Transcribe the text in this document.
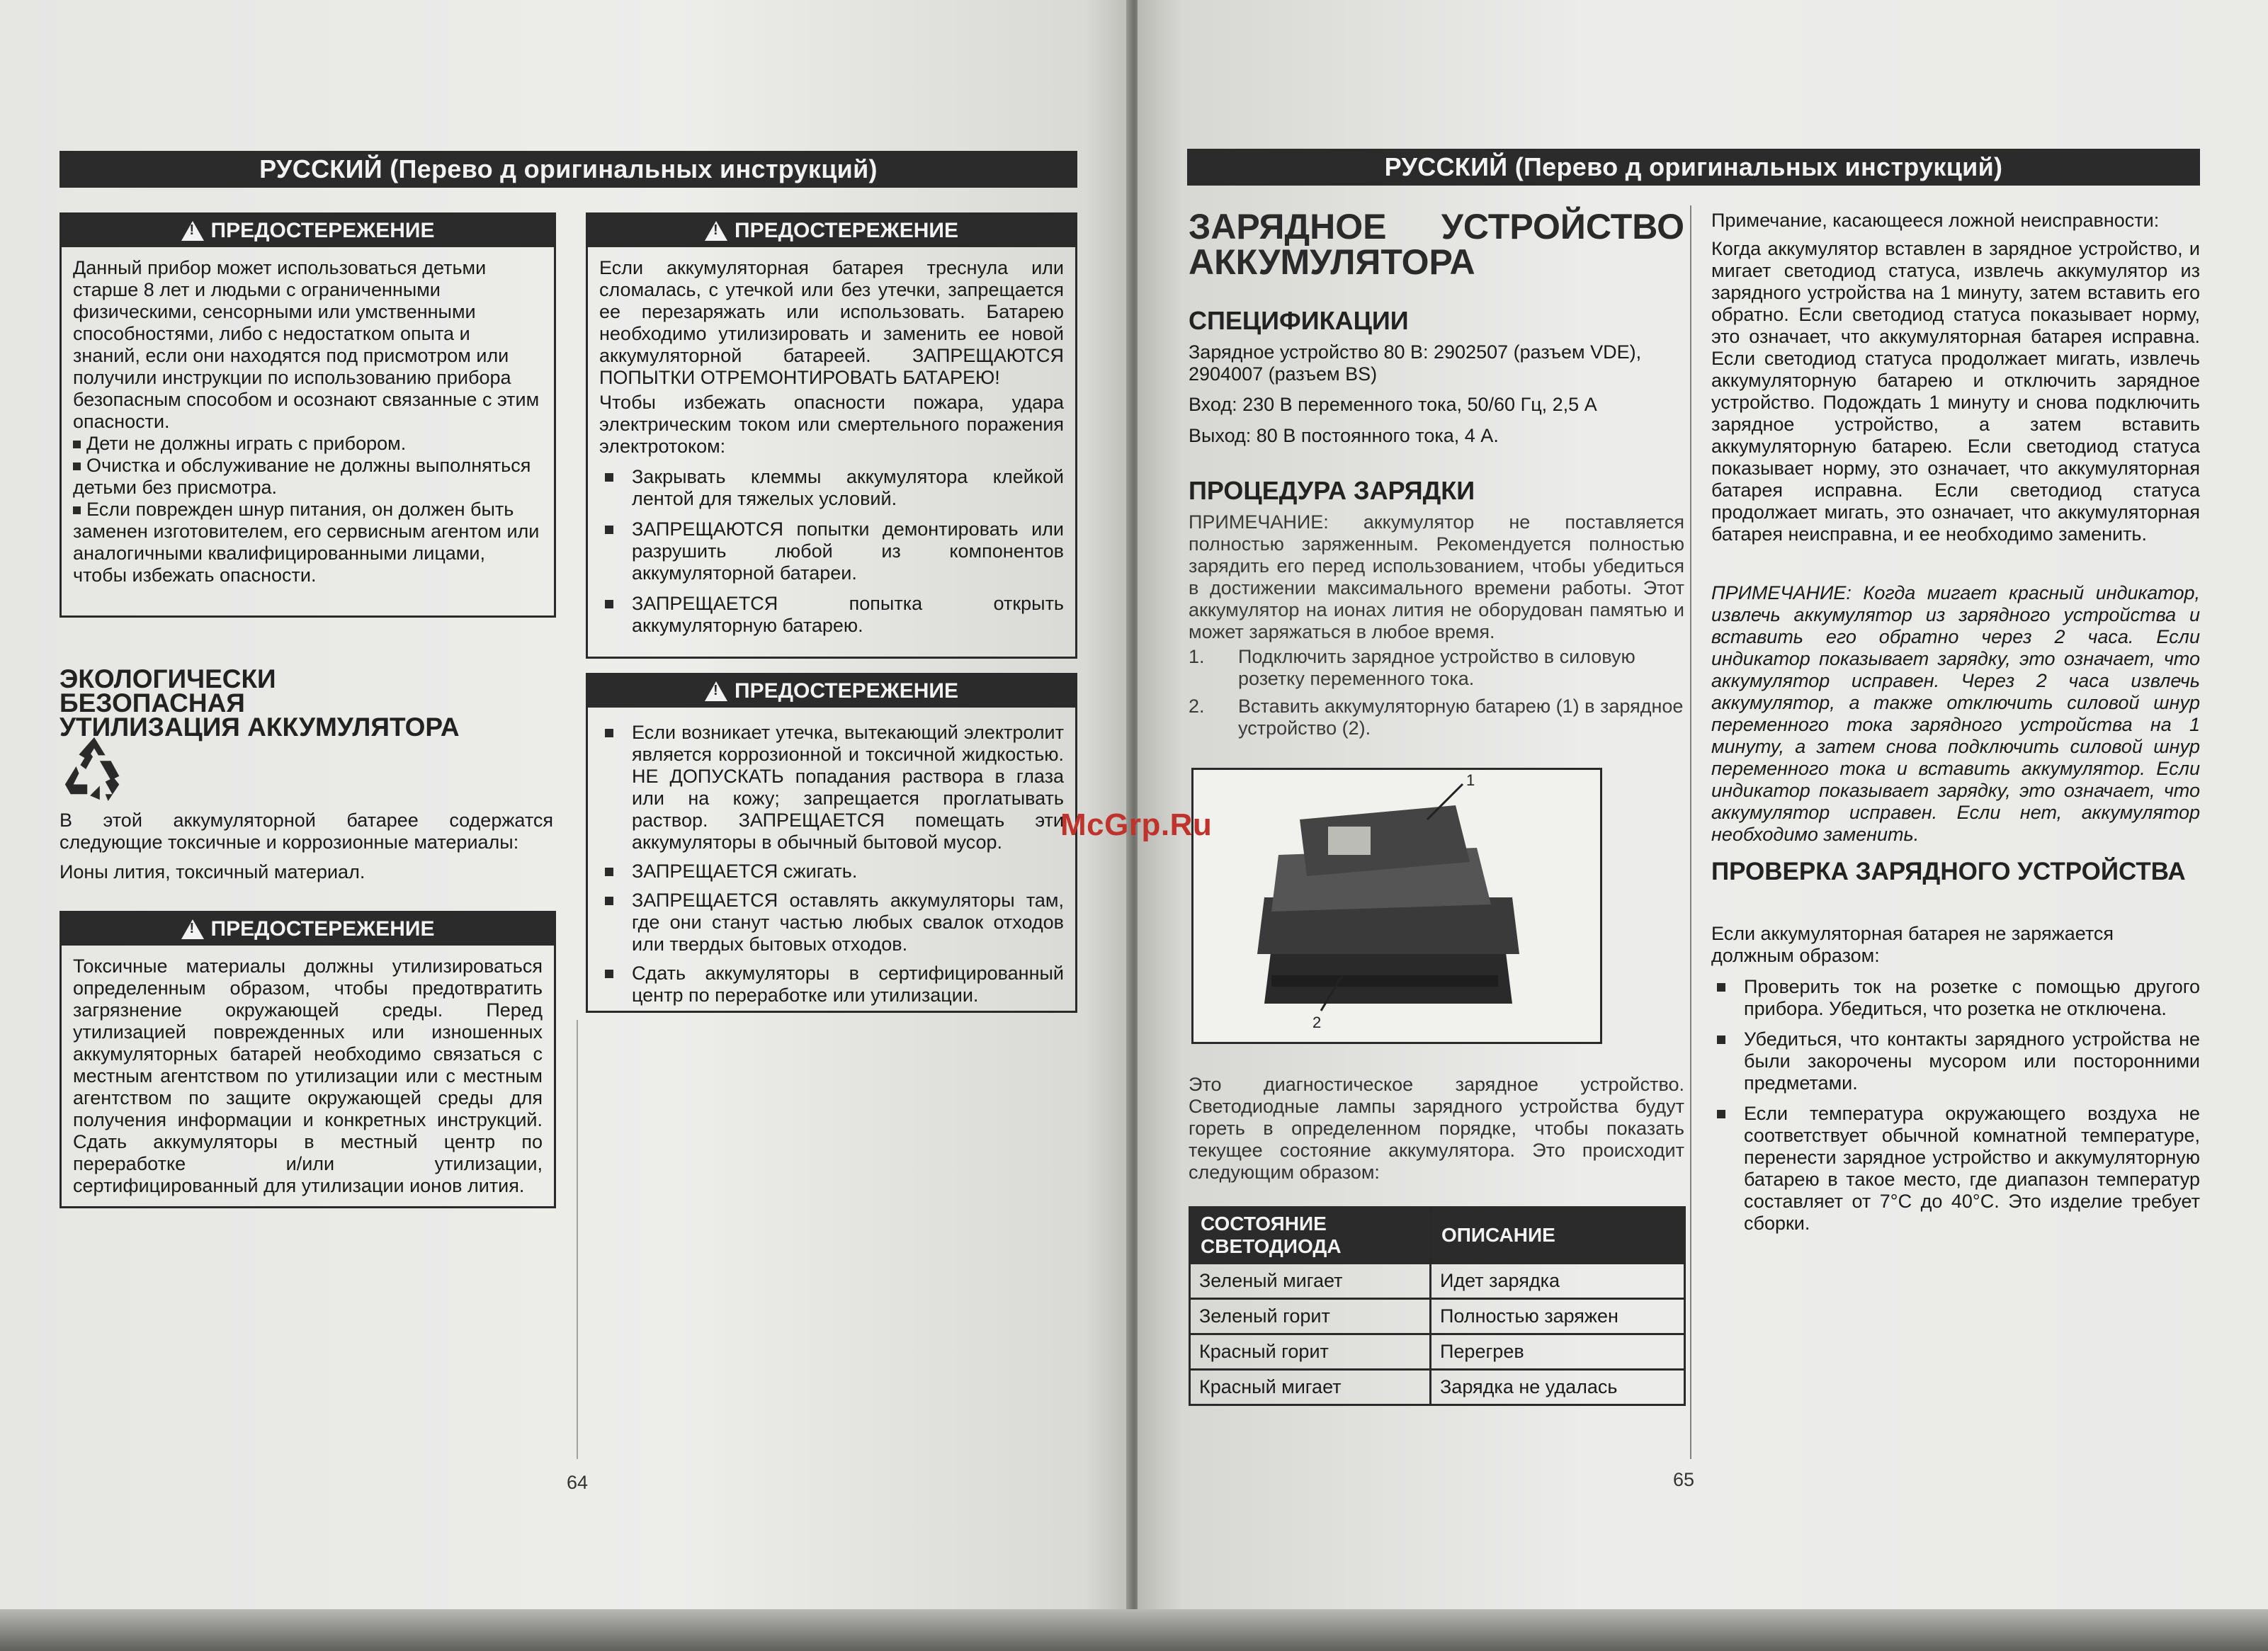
РУССКИЙ (Перево д оригинальных инструкций)
!
ПРЕДОСТЕРЕЖЕНИЕ
Данный прибор может использоваться детьми старше 8 лет и людьми с ограниченными физическими, сенсорными или умственными способностями, либо с недостатком опыта и знаний, если они находятся под присмотром или получили инструкции по использованию прибора безопасным способом и осознают связанные с этим опасности.
Дети не должны играть с прибором.
Очистка и обслуживание не должны выполняться детьми без присмотра.
Если поврежден шнур питания, он должен быть заменен изготовителем, его сервисным агентом или аналогичными квалифицированными лицами, чтобы избежать опасности.
ЭКОЛОГИЧЕСКИ БЕЗОПАСНАЯ
УТИЛИЗАЦИЯ АККУМУЛЯТОРА
В этой аккумуляторной батарее содержатся следующие токсичные и коррозионные материалы:
Ионы лития, токсичный материал.
!
ПРЕДОСТЕРЕЖЕНИЕ
Токсичные материалы должны утилизироваться определенным образом, чтобы предотвратить загрязнение окружающей среды. Перед утилизацией поврежденных или изношенных аккумуляторных батарей необходимо связаться с местным агентством по утилизации или с местным агентством по защите окружающей среды для получения информации и конкретных инструкций. Сдать аккумуляторы в местный центр по переработке и/или утилизации, сертифицированный для утилизации ионов лития.
!
ПРЕДОСТЕРЕЖЕНИЕ
Если аккумуляторная батарея треснула или сломалась, с утечкой или без утечки, запрещается ее перезаряжать или использовать. Батарею необходимо утилизировать и заменить ее новой аккумуляторной батареей. ЗАПРЕЩАЮТСЯ ПОПЫТКИ ОТРЕМОНТИРОВАТЬ БАТАРЕЮ!
Чтобы избежать опасности пожара, удара электрическим током или смертельного поражения электротоком:
Закрывать клеммы аккумулятора клейкой лентой для тяжелых условий.
ЗАПРЕЩАЮТСЯ попытки демонтировать или разрушить любой из компонентов аккумуляторной батареи.
ЗАПРЕЩАЕТСЯ попытка открыть аккумуляторную батарею.
!
ПРЕДОСТЕРЕЖЕНИЕ
Если возникает утечка, вытекающий электролит является коррозионной и токсичной жидкостью. НЕ ДОПУСКАТЬ попадания раствора в глаза или на кожу; запрещается проглатывать раствор. ЗАПРЕЩАЕТСЯ помещать эти аккумуляторы в обычный бытовой мусор.
ЗАПРЕЩАЕТСЯ сжигать.
ЗАПРЕЩАЕТСЯ оставлять аккумуляторы там, где они станут частью любых свалок отходов или твердых бытовых отходов.
Сдать аккумуляторы в сертифицированный центр по переработке или утилизации.
64
РУССКИЙ (Перево д оригинальных инструкций)
ЗАРЯДНОЕ УСТРОЙСТВО АККУМУЛЯТОРА
СПЕЦИФИКАЦИИ
Зарядное устройство 80 В: 2902507 (разъем VDE), 2904007 (разъем BS)
Вход: 230 В переменного тока, 50/60 Гц, 2,5 А
Выход: 80 В постоянного тока, 4 А.
ПРОЦЕДУРА ЗАРЯДКИ
ПРИМЕЧАНИЕ: аккумулятор не поставляется полностью заряженным. Рекомендуется полностью зарядить его перед использованием, чтобы убедиться в достижении максимального времени работы. Этот аккумулятор на ионах лития не оборудован памятью и может заряжаться в любое время.
1.	Подключить зарядное устройство в силовую розетку переменного тока.
2.	Вставить аккумуляторную батарею (1) в зарядное устройство (2).
1
2
Это диагностическое зарядное устройство. Светодиодные лампы зарядного устройства будут гореть в определенном порядке, чтобы показать текущее состояние аккумулятора. Это происходит следующим образом:
СОСТОЯНИЕ СВЕТОДИОДА	ОПИСАНИЕ
Зеленый мигает	Идет зарядка
Зеленый горит	Полностью заряжен
Красный горит	Перегрев
Красный мигает	Зарядка не удалась
Примечание, касающееся ложной неисправности:
Когда аккумулятор вставлен в зарядное устройство, и мигает светодиод статуса, извлечь аккумулятор из зарядного устройства на 1 минуту, затем вставить его обратно. Если светодиод статуса показывает норму, это означает, что аккумуляторная батарея исправна. Если светодиод статуса продолжает мигать, извлечь аккумуляторную батарею и отключить зарядное устройство. Подождать 1 минуту и снова подключить зарядное устройство, а затем вставить аккумуляторную батарею. Если светодиод статуса показывает норму, это означает, что аккумуляторная батарея исправна. Если светодиод статуса продолжает мигать, это означает, что аккумуляторная батарея неисправна, и ее необходимо заменить.
ПРИМЕЧАНИЕ: Когда мигает красный индикатор, извлечь аккумулятор из зарядного устройства и вставить его обратно через 2 часа. Если индикатор показывает зарядку, это означает, что аккумулятор исправен. Через 2 часа извлечь аккумулятор, а также отключить силовой шнур переменного тока зарядного устройства на 1 минуту, а затем снова подключить силовой шнур переменного тока и вставить аккумулятор. Если индикатор показывает зарядку, это означает, что аккумулятор исправен. Если нет, аккумулятор необходимо заменить.
ПРОВЕРКА ЗАРЯДНОГО УСТРОЙСТВА
Если аккумуляторная батарея не заряжается должным образом:
Проверить ток на розетке с помощью другого прибора. Убедиться, что розетка не отключена.
Убедиться, что контакты зарядного устройства не были закорочены мусором или посторонними предметами.
Если температура окружающего воздуха не соответствует обычной комнатной температуре, перенести зарядное устройство и аккумуляторную батарею в такое место, где диапазон температур составляет от 7°C до 40°C. Это изделие требует сборки.
65
McGrp.Ru
